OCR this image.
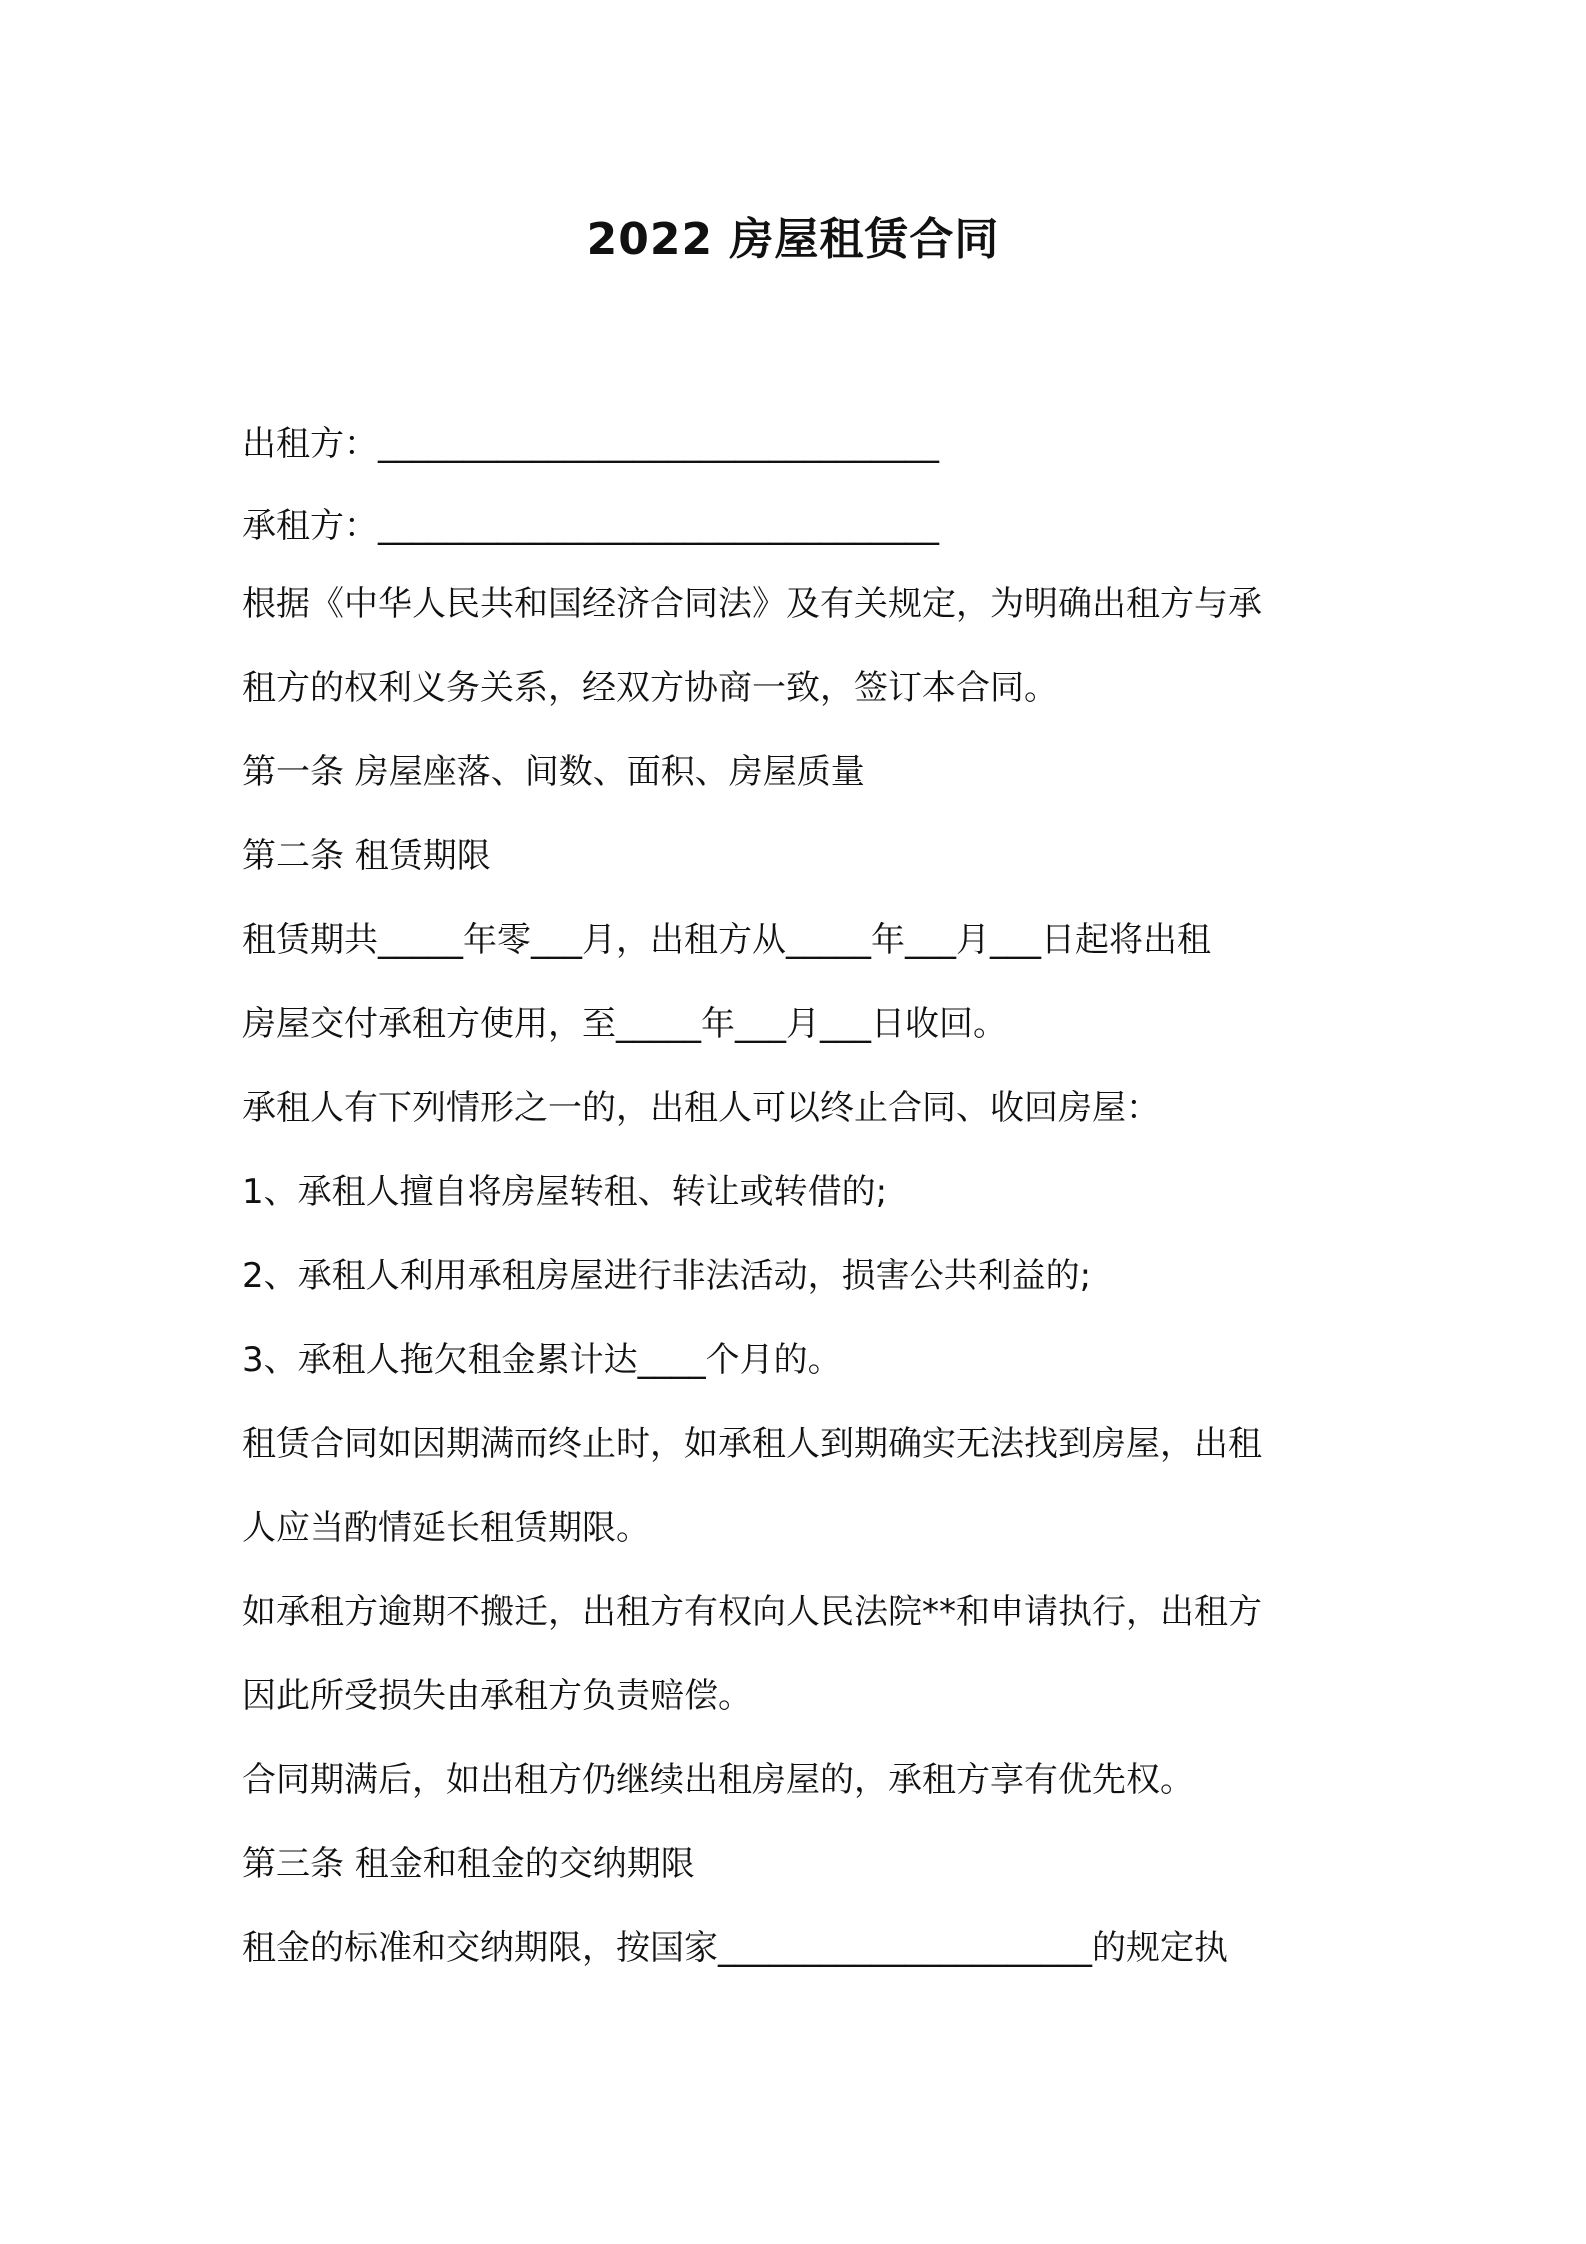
2022 房屋租赁合同
出租方：_________________________________
承租方：_________________________________
根据《中华人民共和国经济合同法》及有关规定，为明确出租方与承
租方的权利义务关系，经双方协商一致，签订本合同。
第一条 房屋座落、间数、面积、房屋质量
第二条 租赁期限
租赁期共_____年零___月，出租方从_____年___月___日起将出租
房屋交付承租方使用，至_____年___月___日收回。
承租人有下列情形之一的，出租人可以终止合同、收回房屋：
1、承租人擅自将房屋转租、转让或转借的;
2、承租人利用承租房屋进行非法活动，损害公共利益的;
3、承租人拖欠租金累计达____个月的。
租赁合同如因期满而终止时，如承租人到期确实无法找到房屋，出租
人应当酌情延长租赁期限。
如承租方逾期不搬迁，出租方有权向人民法院**和申请执行，出租方
因此所受损失由承租方负责赔偿。
合同期满后，如出租方仍继续出租房屋的，承租方享有优先权。
第三条 租金和租金的交纳期限
租金的标准和交纳期限，按国家______________________的规定执
